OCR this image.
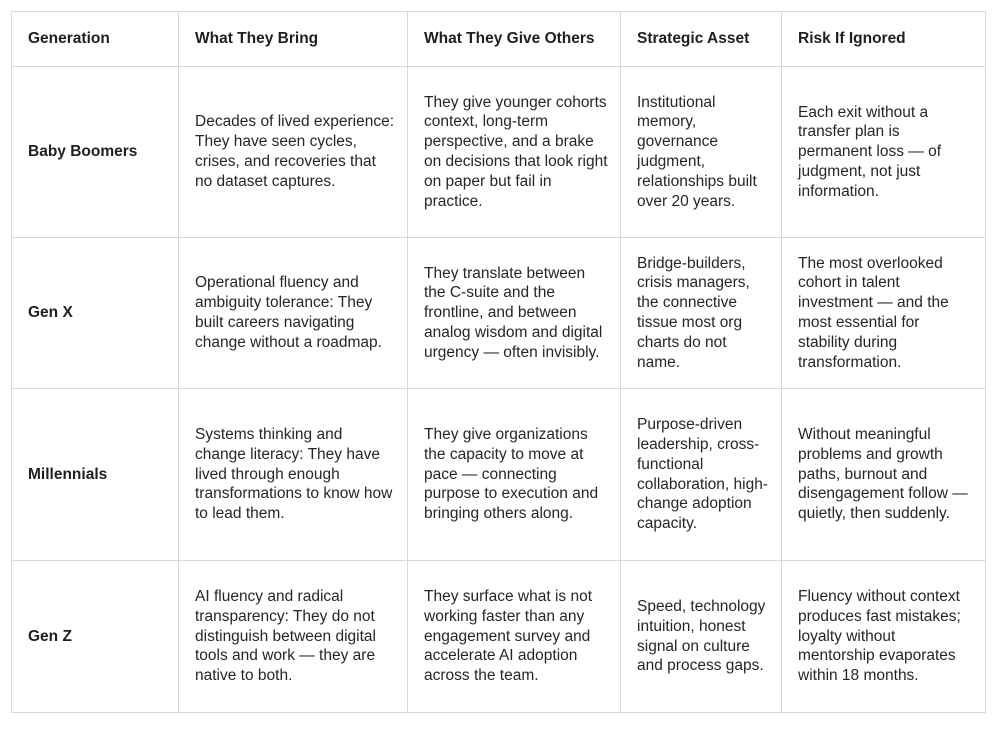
Generation	What They Bring	What They Give Others	Strategic Asset	Risk If Ignored
Baby Boomers	Decades of lived experience: They have seen cycles, crises, and recoveries that no dataset captures.	They give younger cohorts context, long-term perspective, and a brake on decisions that look right on paper but fail in practice.	Institutional memory, governance judgment, relationships built over 20 years.	Each exit without a transfer plan is permanent loss — of judgment, not just information.
Gen X	Operational fluency and ambiguity tolerance: They built careers navigating change without a roadmap.	They translate between the C-suite and the frontline, and between analog wisdom and digital urgency — often invisibly.	Bridge-builders, crisis managers, the connective tissue most org charts do not name.	The most overlooked cohort in talent investment — and the most essential for stability during transformation.
Millennials	Systems thinking and change literacy: They have lived through enough transformations to know how to lead them.	They give organizations the capacity to move at pace — connecting purpose to execution and bringing others along.	Purpose-driven leadership, cross-functional collaboration, high- change adoption capacity.	Without meaningful problems and growth paths, burnout and disengagement follow — quietly, then suddenly.
Gen Z	AI fluency and radical transparency: They do not distinguish between digital tools and work — they are native to both.	They surface what is not working faster than any engagement survey and accelerate AI adoption across the team.	Speed, technology intuition, honest signal on culture and process gaps.	Fluency without context produces fast mistakes; loyalty without mentorship evaporates within 18 months.
